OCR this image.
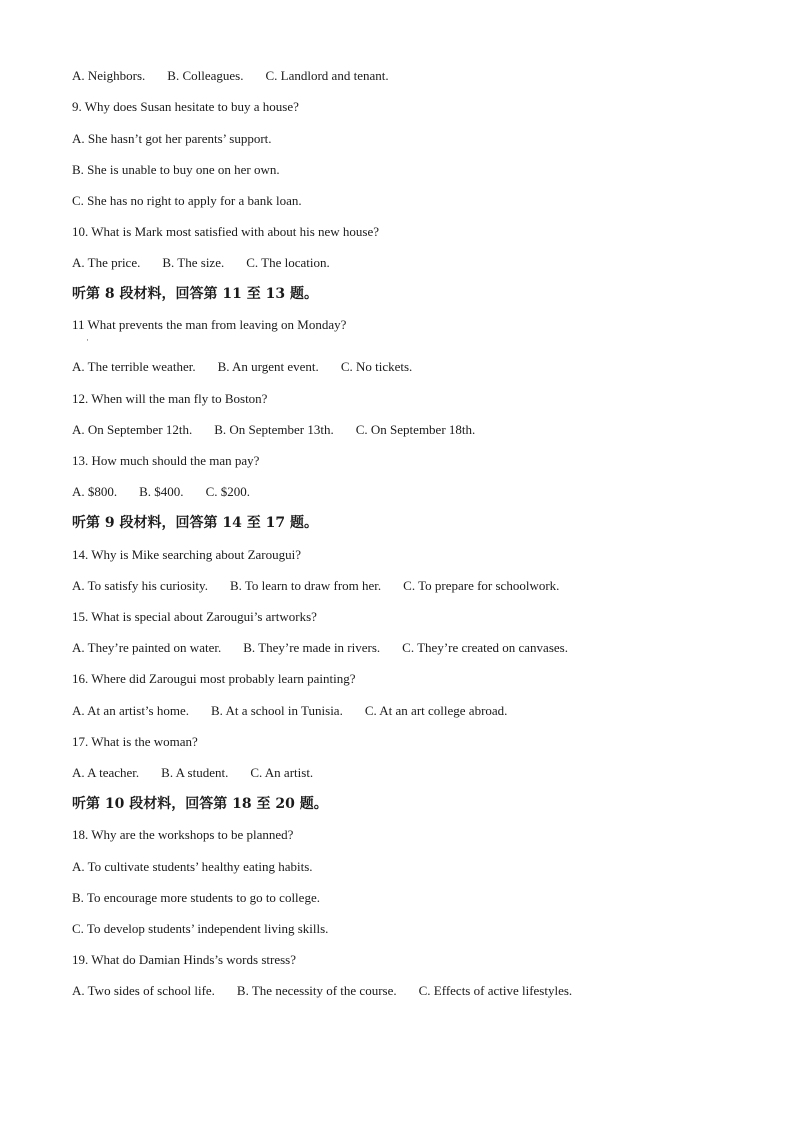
A. Neighbors. B. Colleagues. C. Landlord and tenant.
9. Why does Susan hesitate to buy a house?
A. She hasn’t got her parents’ support.
B. She is unable to buy one on her own.
C. She has no right to apply for a bank loan.
10. What is Mark most satisfied with about his new house?
A. The price. B. The size. C. The location.
听第 8 段材料，回答第 11 至 13 题。
11 What prevents the man from leaving on Monday?
A. The terrible weather. B. An urgent event. C. No tickets.
12. When will the man fly to Boston?
A. On September 12th. B. On September 13th. C. On September 18th.
13. How much should the man pay?
A. $800. B. $400. C. $200.
听第 9 段材料，回答第 14 至 17 题。
14. Why is Mike searching about Zarougui?
A. To satisfy his curiosity. B. To learn to draw from her. C. To prepare for schoolwork.
15. What is special about Zarougui’s artworks?
A. They’re painted on water. B. They’re made in rivers. C. They’re created on canvases.
16. Where did Zarougui most probably learn painting?
A. At an artist’s home. B. At a school in Tunisia. C. At an art college abroad.
17. What is the woman?
A. A teacher. B. A student. C. An artist.
听第 10 段材料，回答第 18 至 20 题。
18. Why are the workshops to be planned?
A. To cultivate students’ healthy eating habits.
B. To encourage more students to go to college.
C. To develop students’ independent living skills.
19. What do Damian Hinds’s words stress?
A. Two sides of school life. B. The necessity of the course. C. Effects of active lifestyles.
·
